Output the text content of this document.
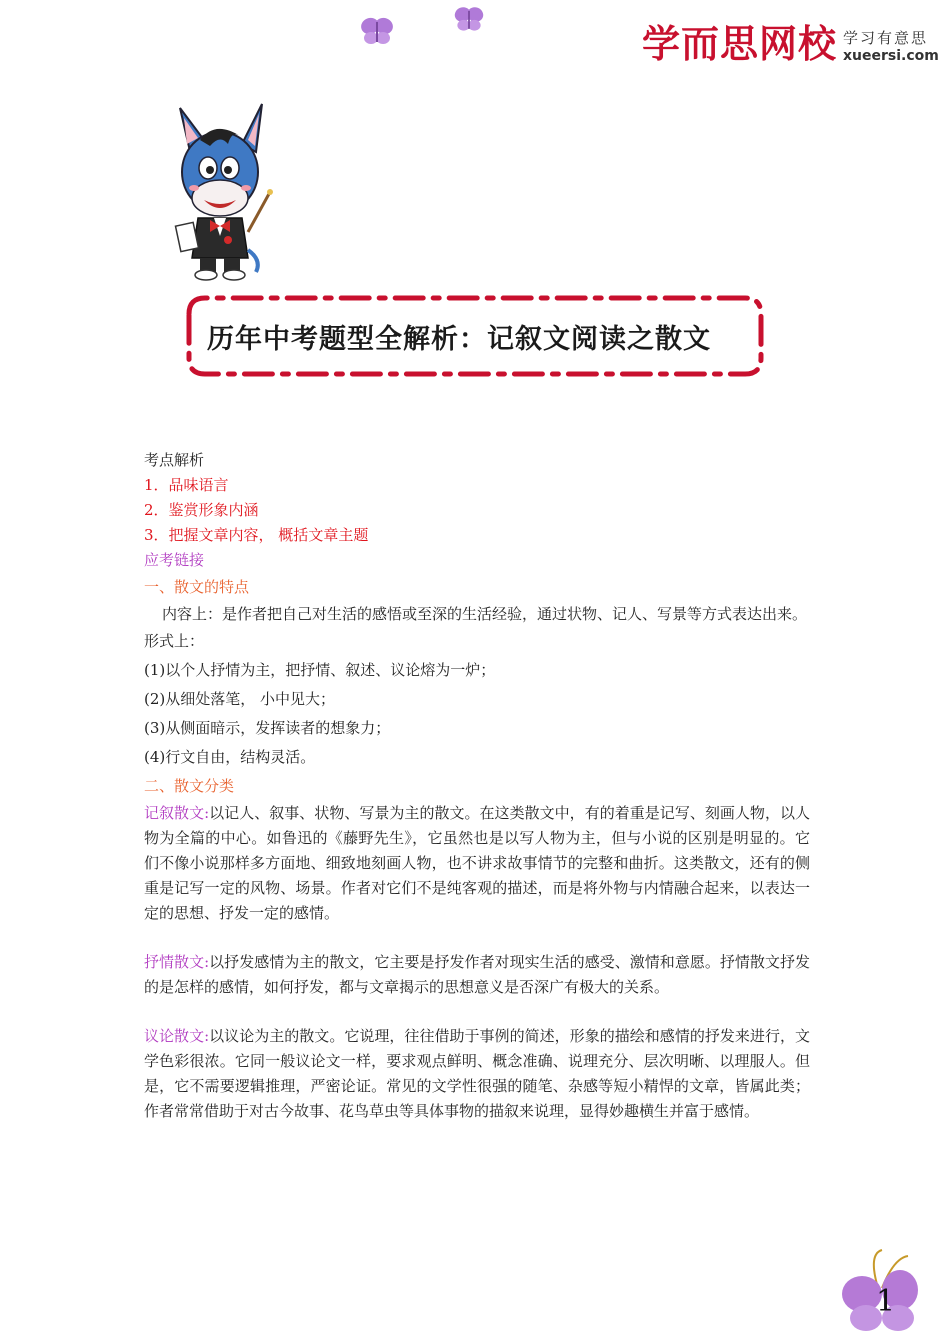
学而思网校 学习有意思
xueersi.com
历年中考题型全解析：记叙文阅读之散文

考点解析

1．品味语言

2．鉴赏形象内涵

3．把握文章内容， 概括文章主题

应考链接

一、散文的特点

内容上：是作者把自己对生活的感悟或至深的生活经验，通过状物、记人、写景等方式表达出来。

形式上：

(1)以个人抒情为主，把抒情、叙述、议论熔为一炉；

(2)从细处落笔， 小中见大；

(3)从侧面暗示，发挥读者的想象力；

(4)行文自由，结构灵活。

二、散文分类

记叙散文:以记人、叙事、状物、写景为主的散文。在这类散文中，有的着重是记写、刻画人物，以人物为全篇的中心。如鲁迅的《藤野先生》，它虽然也是以写人物为主，但与小说的区别是明显的。它们不像小说那样多方面地、细致地刻画人物，也不讲求故事情节的完整和曲折。这类散文，还有的侧重是记写一定的风物、场景。作者对它们不是纯客观的描述，而是将外物与内情融合起来，以表达一定的思想、抒发一定的感情。

抒情散文:以抒发感情为主的散文，它主要是抒发作者对现实生活的感受、激情和意愿。抒情散文抒发的是怎样的感情，如何抒发，都与文章揭示的思想意义是否深广有极大的关系。

议论散文:以议论为主的散文。它说理，往往借助于事例的简述，形象的描绘和感情的抒发来进行，文学色彩很浓。它同一般议论文一样，要求观点鲜明、概念准确、说理充分、层次明晰、以理服人。但是，它不需要逻辑推理，严密论证。常见的文学性很强的随笔、杂感等短小精悍的文章，皆属此类；作者常常借助于对古今故事、花鸟草虫等具体事物的描叙来说理，显得妙趣横生并富于感情。

1
